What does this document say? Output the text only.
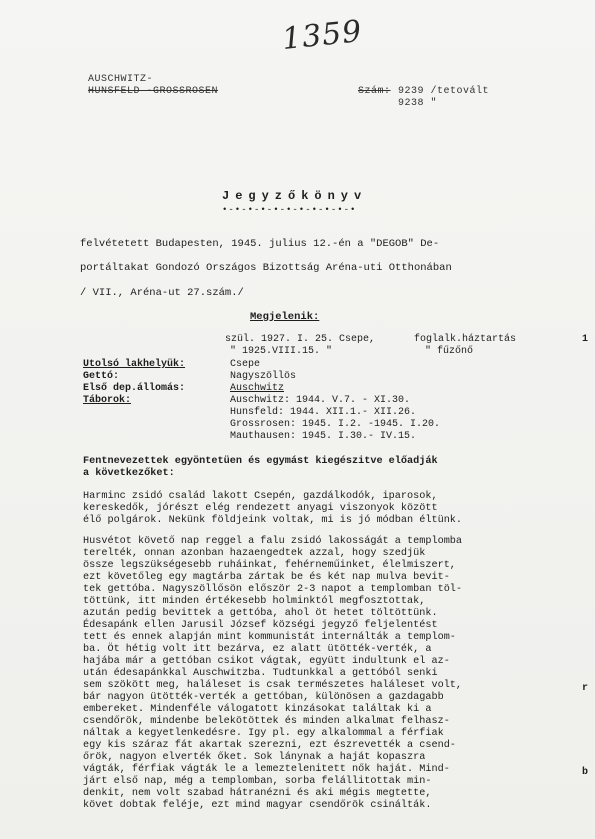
1359
AUSCHWITZ-
HUNSFELD -GROSSROSEN	Szám: 9239 /tetovált
9238 "
Jegyzőkönyv
•-•-•-•-•-•-•-•-•-•-•
felvétetett Budapesten, 1945. julius 12.-én a "DEGOB" De-
portáltakat Gondozó Országos Bizottság Aréna-uti Otthonában
/ VII., Aréna-ut 27.szám./
Megjelenik:
szül. 1927. I. 25. Csepe,	foglalk.háztartás
" 1925.VIII.15. "	" fűzőnő
Utolsó lakhelyük:	Csepe
Gettó:	Nagyszöllös
Első dep.állomás:	Auschwitz
Táborok:	Auschwitz: 1944. V.7. - XI.30.
Hunsfeld: 1944. XII.1.- XII.26.
Grossrosen: 1945. I.2. -1945. I.20.
Mauthausen: 1945. I.30.- IV.15.
Fentnevezettek egyöntetüen és egymást kiegészitve előadják
a következőket:
Harminc zsidó család lakott Csepén, gazdálkodók, iparosok,
kereskedők, jórészt elég rendezett anyagi viszonyok között
élő polgárok. Nekünk földjeink voltak, mi is jó módban éltünk.
Husvétot követő nap reggel a falu zsidó lakosságát a templomba
terelték, onnan azonban hazaengedtek azzal, hogy szedjük
össze legszükségesebb ruháinkat, fehérneműinket, élelmiszert,
ezt követőleg egy magtárba zártak be és két nap mulva bevit-
tek gettóba. Nagyszöllősön először 2-3 napot a templomban töl-
töttünk, itt minden értékesebb holminktól megfosztottak,
azután pedig bevittek a gettóba, ahol öt hetet töltöttünk.
Édesapánk ellen Jarusil József községi jegyző feljelentést
tett és ennek alapján mint kommunistát internálták a templom-
ba. Öt hétig volt itt bezárva, ez alatt ütötték-verték, a
hajába már a gettóban csikot vágtak, együtt indultunk el az-
után édesapánkkal Auschwitzba. Tudtunkkal a gettóból senki
sem szökött meg, haláleset is csak természetes haláleset volt,
bár nagyon ütötték-verték a gettóban, különösen a gazdagabb
embereket. Mindenféle válogatott kinzásokat találtak ki a
csendőrök, mindenbe belekötöttek és minden alkalmat felhasz-
náltak a kegyetlenkedésre. Igy pl. egy alkalommal a férfiak
egy kis száraz fát akartak szerezni, ezt észrevették a csend-
őrök, nagyon elverték őket. Sok lánynak a haját kopaszra
vágták, férfiak vágták le a lemeztelenitett nők haját. Mind-
járt első nap, még a templomban, sorba felállitottak min-
denkit, nem volt szabad hátranézni és aki mégis megtette,
követ dobtak feléje, ezt mind magyar csendőrök csinálták.
1
r
b
